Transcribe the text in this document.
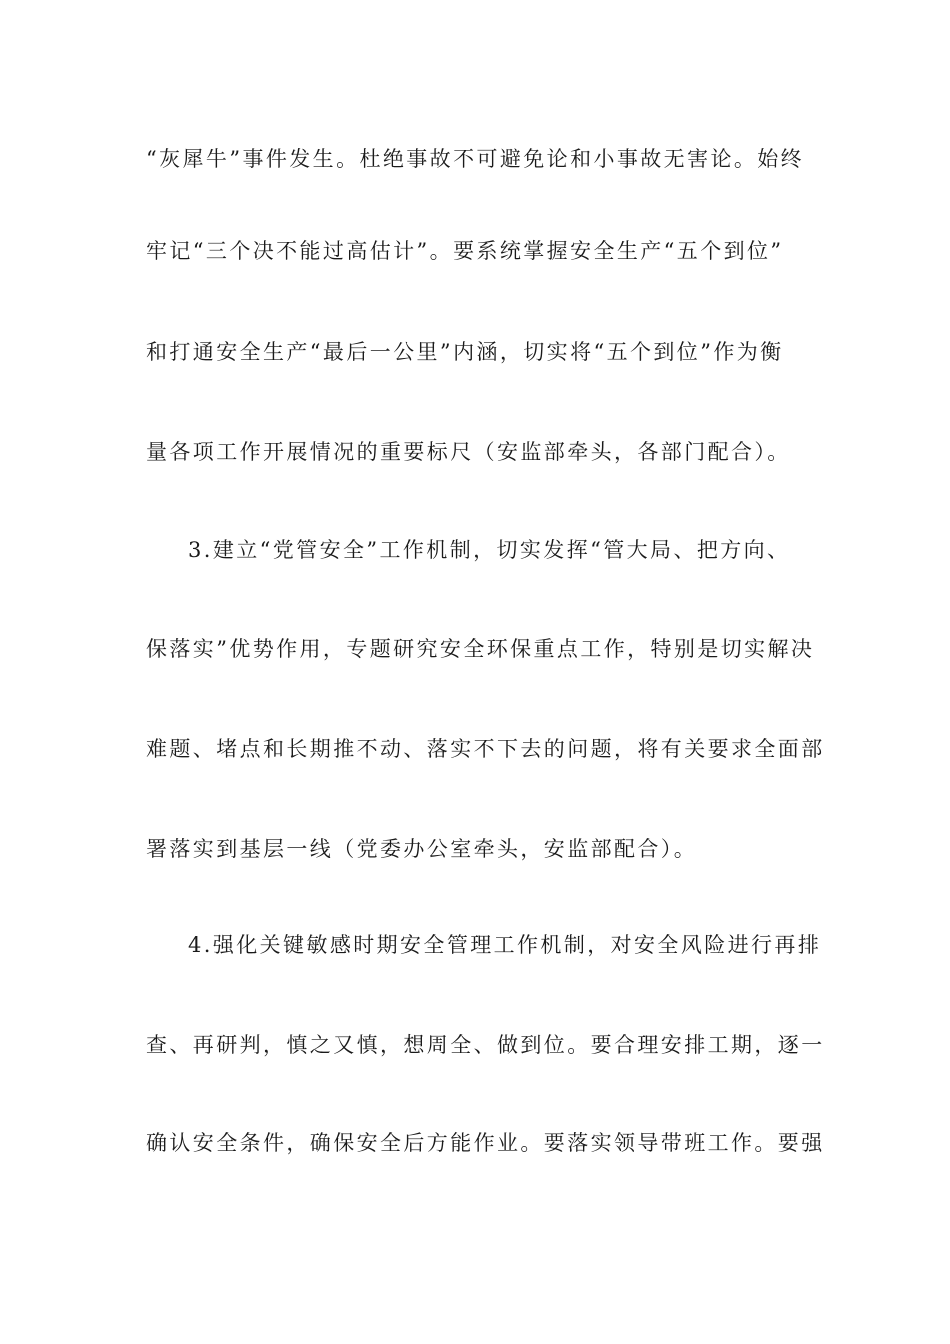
“灰犀牛”事件发生。杜绝事故不可避免论和小事故无害论。始终
牢记“三个决不能过高估计”。要系统掌握安全生产“五个到位”
和打通安全生产“最后一公里”内涵，切实将“五个到位”作为衡
量各项工作开展情况的重要标尺（安监部牵头，各部门配合）。
3.建立“党管安全”工作机制，切实发挥“管大局、把方向、
保落实”优势作用，专题研究安全环保重点工作，特别是切实解决
难题、堵点和长期推不动、落实不下去的问题，将有关要求全面部
署落实到基层一线（党委办公室牵头，安监部配合）。
4.强化关键敏感时期安全管理工作机制，对安全风险进行再排
查、再研判，慎之又慎，想周全、做到位。要合理安排工期，逐一
确认安全条件，确保安全后方能作业。要落实领导带班工作。要强
